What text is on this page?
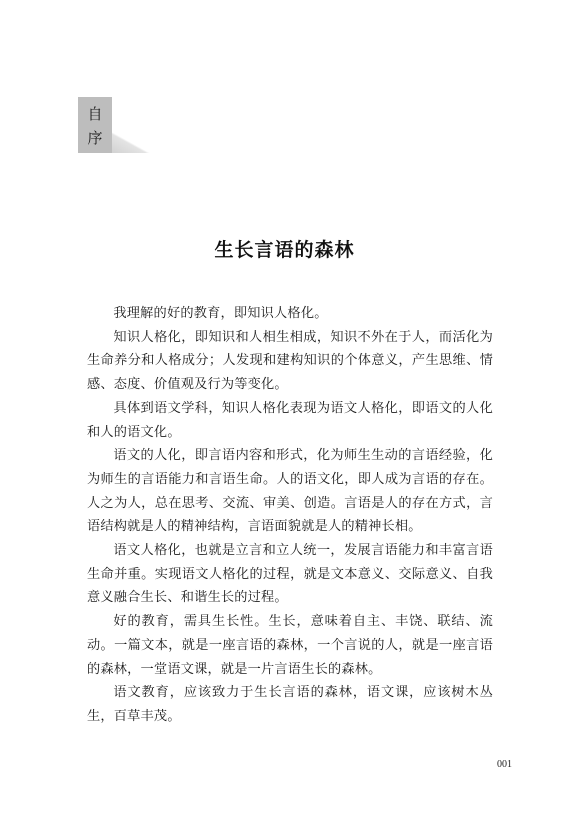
自
序
生长言语的森林

我理解的好的教育，即知识人格化。

知识人格化，即知识和人相生相成，知识不外在于人，而活化为生命养分和人格成分；人发现和建构知识的个体意义，产生思维、情感、态度、价值观及行为等变化。

具体到语文学科，知识人格化表现为语文人格化，即语文的人化和人的语文化。

语文的人化，即言语内容和形式，化为师生生动的言语经验，化为师生的言语能力和言语生命。人的语文化，即人成为言语的存在。人之为人，总在思考、交流、审美、创造。言语是人的存在方式，言语结构就是人的精神结构，言语面貌就是人的精神长相。

语文人格化，也就是立言和立人统一，发展言语能力和丰富言语生命并重。实现语文人格化的过程，就是文本意义、交际意义、自我意义融合生长、和谐生长的过程。

好的教育，需具生长性。生长，意味着自主、丰饶、联结、流动。一篇文本，就是一座言语的森林，一个言说的人，就是一座言语的森林，一堂语文课，就是一片言语生长的森林。

语文教育，应该致力于生长言语的森林，语文课，应该树木丛生，百草丰茂。

001
